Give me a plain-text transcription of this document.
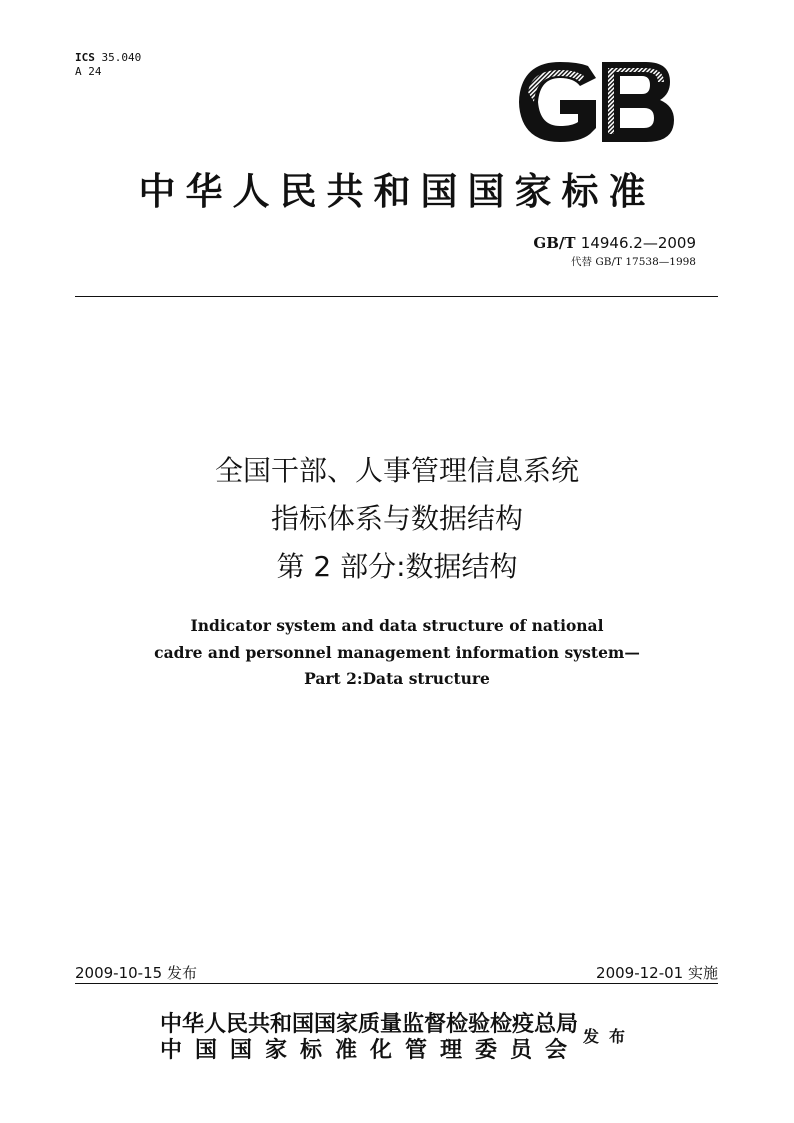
ICS 35.040
A 24
中华人民共和国国家标准
GB/T 14946.2—2009
代替 GB/T 17538—1998
全国干部、人事管理信息系统
指标体系与数据结构
第 2 部分:数据结构
Indicator system and data structure of national
cadre and personnel management information system—
Part 2:Data structure
2009-10-15 发布	2009-12-01 实施
中华人民共和国国家质量监督检验检疫总局
中国国家标准化管理委员会
发布
